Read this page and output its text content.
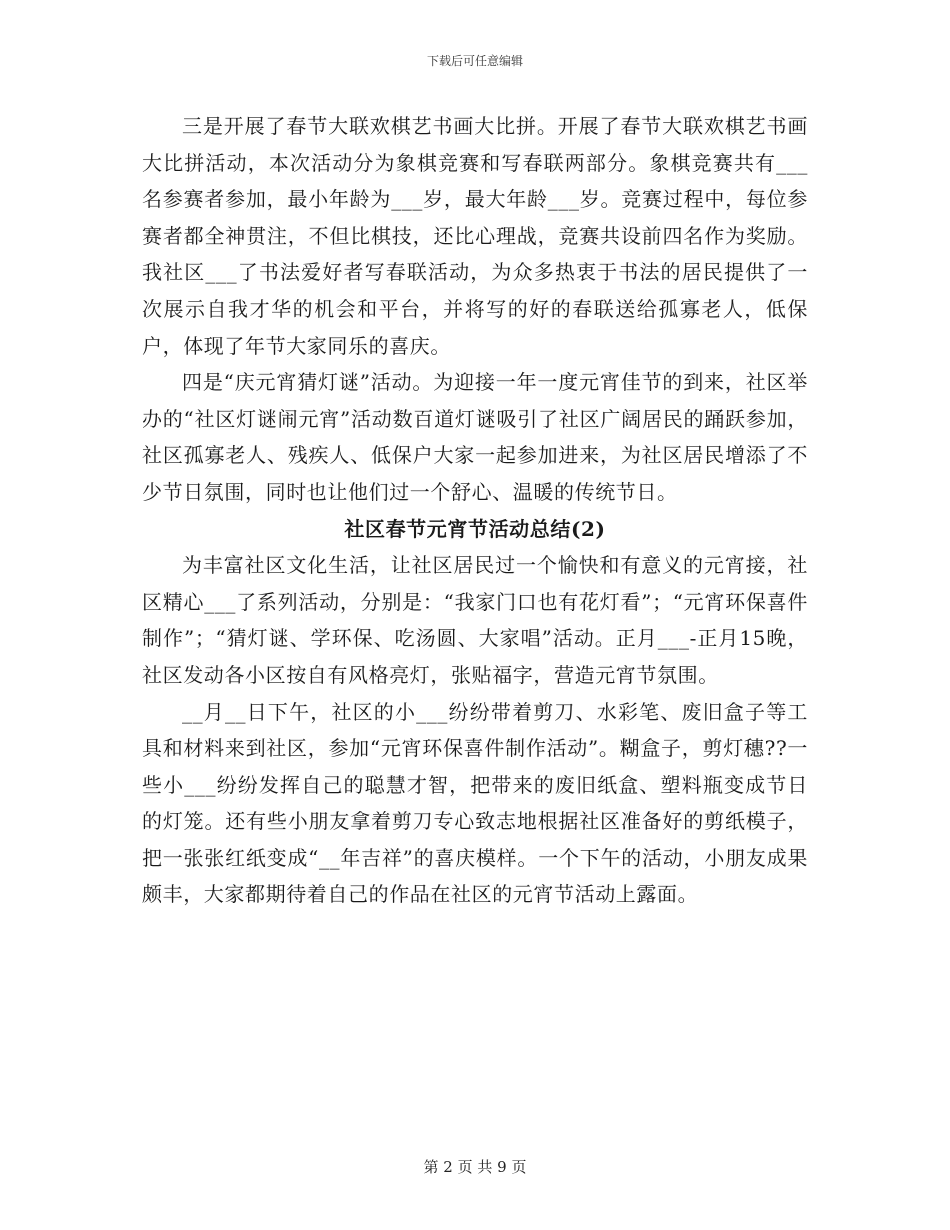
下载后可任意编辑

三是开展了春节大联欢棋艺书画大比拼。开展了春节大联欢棋艺书画大比拼活动，本次活动分为象棋竞赛和写春联两部分。象棋竞赛共有___名参赛者参加，最小年龄为___岁，最大年龄___岁。竞赛过程中，每位参赛者都全神贯注，不但比棋技，还比心理战，竞赛共设前四名作为奖励。我社区___了书法爱好者写春联活动，为众多热衷于书法的居民提供了一次展示自我才华的机会和平台，并将写的好的春联送给孤寡老人，低保户，体现了年节大家同乐的喜庆。

四是“庆元宵猜灯谜”活动。为迎接一年一度元宵佳节的到来，社区举办的“社区灯谜闹元宵”活动数百道灯谜吸引了社区广阔居民的踊跃参加，社区孤寡老人、残疾人、低保户大家一起参加进来，为社区居民增添了不少节日氛围，同时也让他们过一个舒心、温暖的传统节日。

社区春节元宵节活动总结(2)

为丰富社区文化生活，让社区居民过一个愉快和有意义的元宵接，社区精心___了系列活动，分别是：“我家门口也有花灯看”；“元宵环保喜件制作”；“猜灯谜、学环保、吃汤圆、大家唱”活动。正月___-正月15晚，社区发动各小区按自有风格亮灯，张贴福字，营造元宵节氛围。

__月__日下午，社区的小___纷纷带着剪刀、水彩笔、废旧盒子等工具和材料来到社区，参加“元宵环保喜件制作活动”。糊盒子，剪灯穗??一些小___纷纷发挥自己的聪慧才智，把带来的废旧纸盒、塑料瓶变成节日的灯笼。还有些小朋友拿着剪刀专心致志地根据社区准备好的剪纸模子，把一张张红纸变成“__年吉祥”的喜庆模样。一个下午的活动，小朋友成果颇丰，大家都期待着自己的作品在社区的元宵节活动上露面。

第 2 页 共 9 页
